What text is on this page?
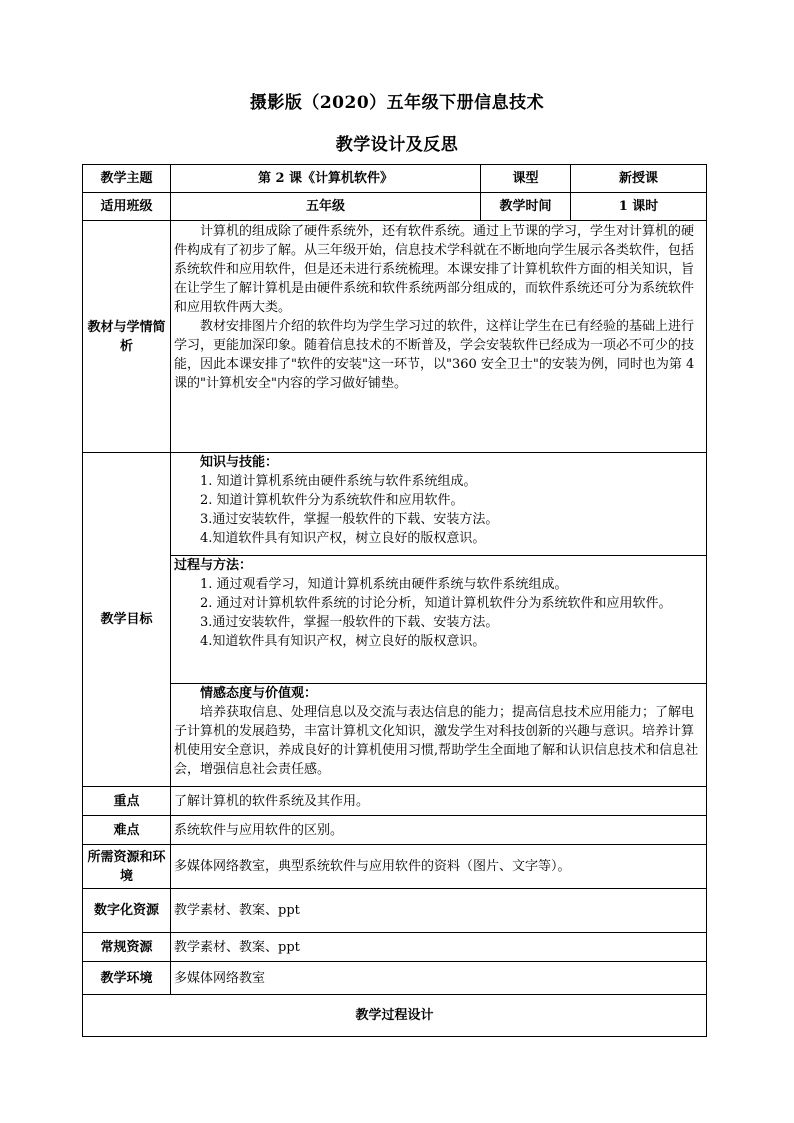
摄影版（2020）五年级下册信息技术
教学设计及反思
教学主题	第 2 课《计算机软件》	课型	新授课
适用班级	五年级	教学时间	1 课时
教材与学情简析	计算机的组成除了硬件系统外，还有软件系统。通过上节课的学习，学生对计算机的硬件构成有了初步了解。从三年级开始，信息技术学科就在不断地向学生展示各类软件，包括系统软件和应用软件，但是还未进行系统梳理。本课安排了计算机软件方面的相关知识，旨在让学生了解计算机是由硬件系统和软件系统两部分组成的，而软件系统还可分为系统软件和应用软件两大类。

教材安排图片介绍的软件均为学生学习过的软件，这样让学生在已有经验的基础上进行学习，更能加深印象。随着信息技术的不断普及，学会安装软件已经成为一项必不可少的技能，因此本课安排了"软件的安装"这一环节，以"360 安全卫士"的安装为例，同时也为第 4 课的"计算机安全"内容的学习做好铺垫。		

教学目标	知识与技能：

1. 知道计算机系统由硬件系统与软件系统组成。

2. 知道计算机软件分为系统软件和应用软件。

3.通过安装软件，掌握一般软件的下载、安装方法。

4.知道软件具有知识产权，树立良好的版权意识。		

	过程与方法：

1. 通过观看学习，知道计算机系统由硬件系统与软件系统组成。

2. 通过对计算机软件系统的讨论分析，知道计算机软件分为系统软件和应用软件。

3.通过安装软件，掌握一般软件的下载、安装方法。

4.知道软件具有知识产权，树立良好的版权意识。		

	情感态度与价值观：

培养获取信息、处理信息以及交流与表达信息的能力；提高信息技术应用能力；了解电子计算机的发展趋势，丰富计算机文化知识，激发学生对科技创新的兴趣与意识。培养计算机使用安全意识，养成良好的计算机使用习惯,帮助学生全面地了解和认识信息技术和信息社会，增强信息社会责任感。		

重点	了解计算机的软件系统及其作用。		
难点	系统软件与应用软件的区别。		
所需资源和环境	多媒体网络教室，典型系统软件与应用软件的资料（图片、文字等）。		
数字化资源	教学素材、教案、ppt		
常规资源	教学素材、教案、ppt		
教学环境	多媒体网络教室		
教学过程设计			
